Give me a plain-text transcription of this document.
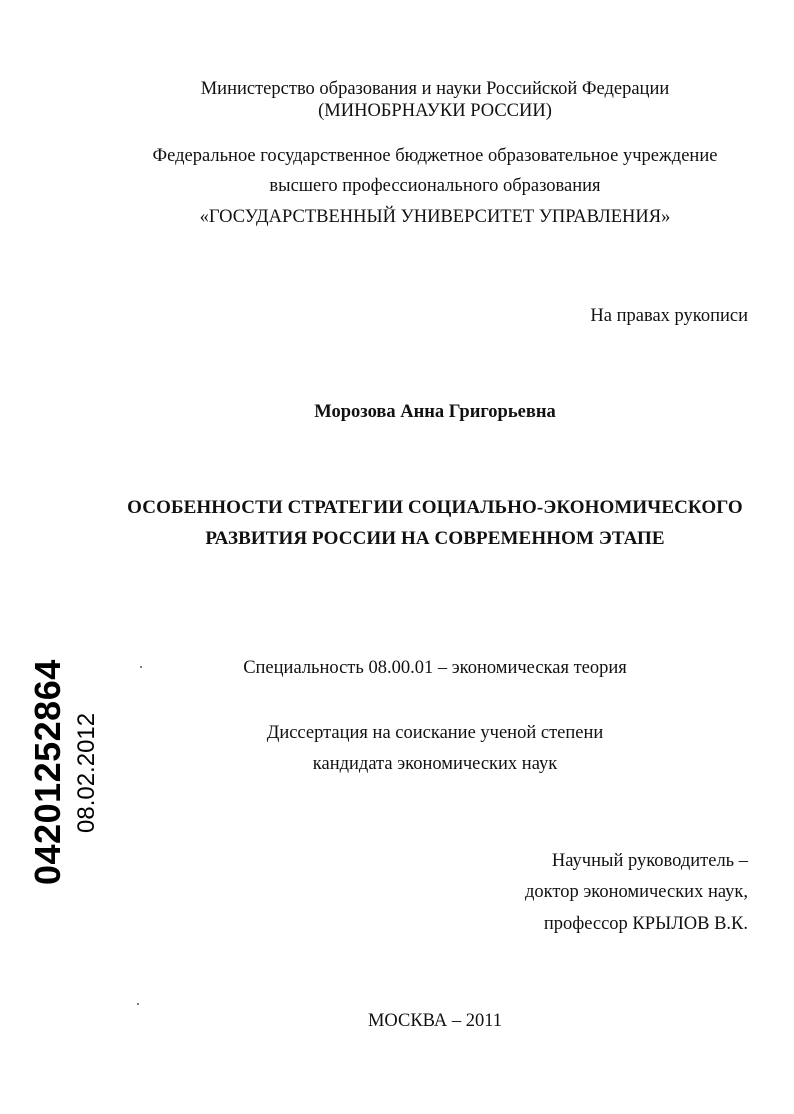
Министерство образования и науки Российской Федерации
(МИНОБРНАУКИ РОССИИ)
Федеральное государственное бюджетное образовательное учреждение
высшего профессионального образования
«ГОСУДАРСТВЕННЫЙ УНИВЕРСИТЕТ УПРАВЛЕНИЯ»
На правах рукописи
Морозова Анна Григорьевна
ОСОБЕННОСТИ СТРАТЕГИИ СОЦИАЛЬНО-ЭКОНОМИЧЕСКОГО
РАЗВИТИЯ РОССИИ НА СОВРЕМЕННОМ ЭТАПЕ
Специальность 08.00.01 – экономическая теория
Диссертация на соискание ученой степени
кандидата экономических наук
Научный руководитель –
доктор экономических наук,
профессор КРЫЛОВ В.К.
МОСКВА – 2011
04201252864 08.02.2012
